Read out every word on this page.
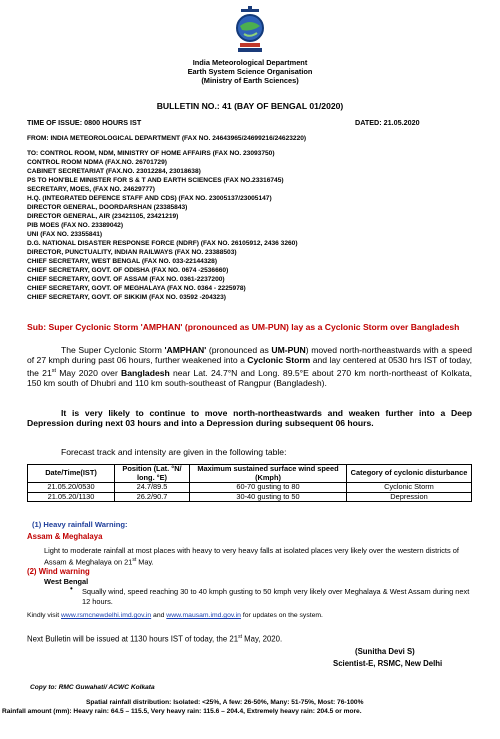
India Meteorological Department
Earth System Science Organisation
(Ministry of Earth Sciences)
BULLETIN NO.: 41 (BAY OF BENGAL 01/2020)
TIME OF ISSUE: 0800 HOURS IST	DATED: 21.05.2020
FROM: INDIA METEOROLOGICAL DEPARTMENT (FAX NO. 24643965/24699216/24623220)
TO: CONTROL ROOM, NDM, MINISTRY OF HOME AFFAIRS (FAX NO. 23093750)
CONTROL ROOM NDMA (FAX.NO. 26701729)
CABINET SECRETARIAT (FAX.NO. 23012284, 23018638)
PS TO HON'BLE MINISTER FOR S & T AND EARTH SCIENCES (FAX NO.23316745)
SECRETARY, MOES, (FAX NO. 24629777)
H.Q. (INTEGRATED DEFENCE STAFF AND CDS) (FAX NO. 23005137/23005147)
DIRECTOR GENERAL, DOORDARSHAN (23385843)
DIRECTOR GENERAL, AIR (23421105, 23421219)
PIB MOES (FAX NO. 23389042)
UNI (FAX NO. 23355841)
D.G. NATIONAL DISASTER RESPONSE FORCE (NDRF) (FAX NO. 26105912, 2436 3260)
DIRECTOR, PUNCTUALITY, INDIAN RAILWAYS (FAX NO. 23388503)
CHIEF SECRETARY, WEST BENGAL (FAX NO. 033-22144328)
CHIEF SECRETARY, GOVT. OF ODISHA (FAX NO. 0674 -2536660)
CHIEF SECRETARY, GOVT. OF ASSAM (FAX NO. 0361-2237200)
CHIEF SECRETARY, GOVT. OF MEGHALAYA (FAX NO. 0364 - 2225978)
CHIEF SECRETARY, GOVT. OF SIKKIM (FAX NO. 03592 -204323)
Sub: Super Cyclonic Storm 'AMPHAN' (pronounced as UM-PUN) lay as a Cyclonic Storm over Bangladesh
The Super Cyclonic Storm 'AMPHAN' (pronounced as UM-PUN) moved north-northeastwards with a speed of 27 kmph during past 06 hours, further weakened into a Cyclonic Storm and lay centered at 0530 hrs IST of today, the 21st May 2020 over Bangladesh near Lat. 24.7°N and Long. 89.5°E about 270 km north-northeast of Kolkata, 150 km south of Dhubri and 110 km south-southeast of Rangpur (Bangladesh).
It is very likely to continue to move north-northeastwards and weaken further into a Deep Depression during next 03 hours and into a Depression during subsequent 06 hours.
Forecast track and intensity are given in the following table:
Date/Time(IST)	Position (Lat. °N/ long. °E)	Maximum sustained surface wind speed (Kmph)	Category of cyclonic disturbance
21.05.20/0530	24.7/89.5	60-70 gusting to 80	Cyclonic Storm
21.05.20/1130	26.2/90.7	30-40 gusting to 50	Depression
(1) Heavy rainfall Warning:
Assam & Meghalaya
Light to moderate rainfall at most places with heavy to very heavy falls at isolated places very likely over the western districts of Assam & Meghalaya on 21st May.
(2) Wind warning
West Bengal
• Squally wind, speed reaching 30 to 40 kmph gusting to 50 kmph very likely over Meghalaya & West Assam during next 12 hours.
Kindly visit www.rsmcnewdelhi.imd.gov.in and www.mausam.imd.gov.in for updates on the system.
Next Bulletin will be issued at 1130 hours IST of today, the 21st May, 2020.
(Sunitha Devi S)
Scientist-E, RSMC, New Delhi
Copy to: RMC Guwahati/ ACWC Kolkata
Spatial rainfall distribution: Isolated: <25%, A few: 26-50%, Many: 51-75%, Most: 76-100%
Rainfall amount (mm): Heavy rain: 64.5 – 115.5, Very heavy rain: 115.6 – 204.4, Extremely heavy rain: 204.5 or more.
